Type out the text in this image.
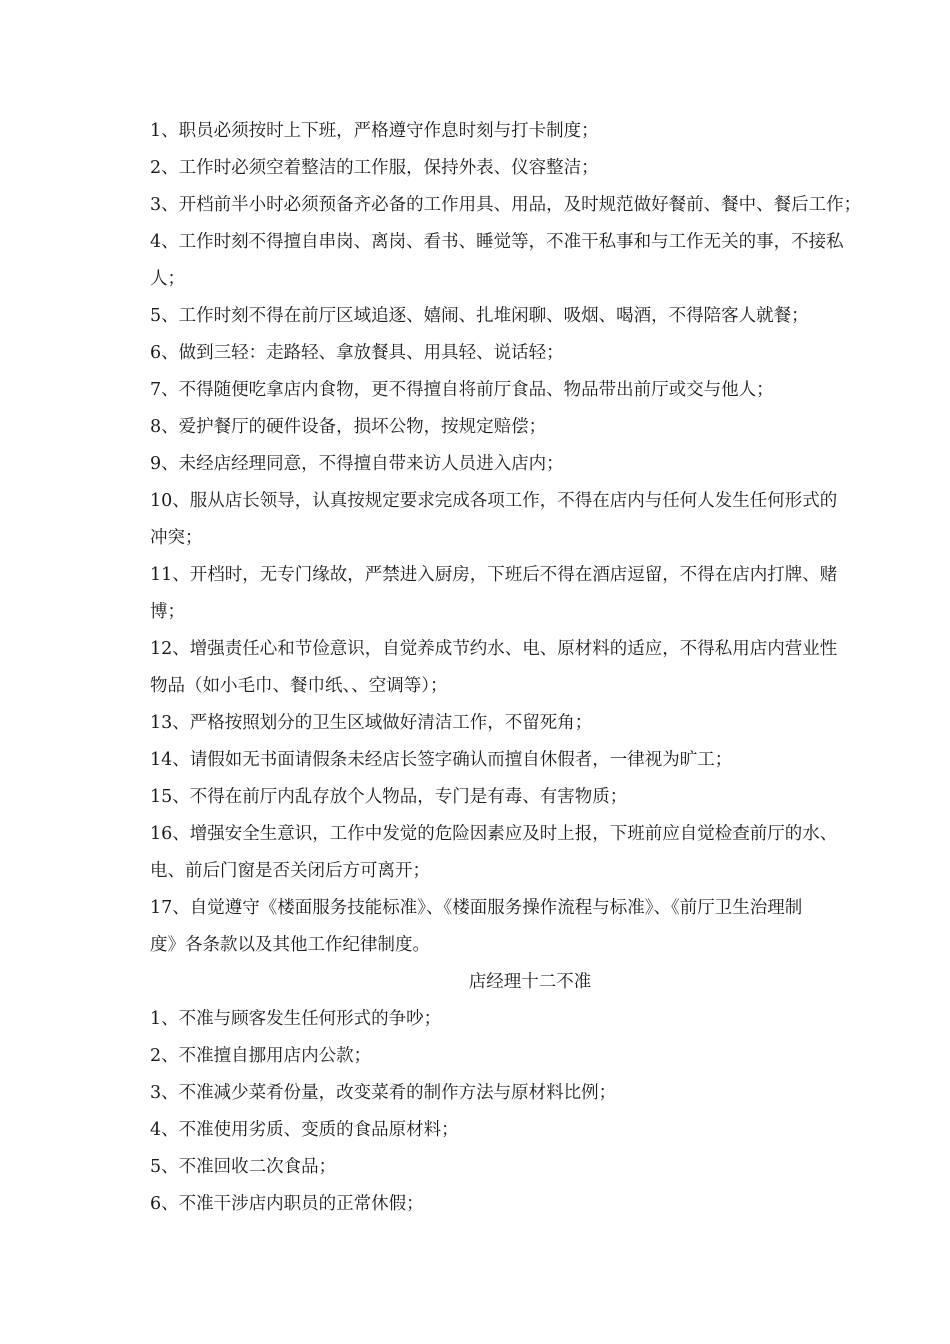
1、职员必须按时上下班，严格遵守作息时刻与打卡制度；
2、工作时必须空着整洁的工作服，保持外表、仪容整洁；
3、开档前半小时必须预备齐必备的工作用具、用品，及时规范做好餐前、餐中、餐后工作；
4、工作时刻不得擅自串岗、离岗、看书、睡觉等，不准干私事和与工作无关的事，不接私
人；
5、工作时刻不得在前厅区域追逐、嬉闹、扎堆闲聊、吸烟、喝酒，不得陪客人就餐；
6、做到三轻：走路轻、拿放餐具、用具轻、说话轻；
7、不得随便吃拿店内食物，更不得擅自将前厅食品、物品带出前厅或交与他人；
8、爱护餐厅的硬件设备，损坏公物，按规定赔偿；
9、未经店经理同意，不得擅自带来访人员进入店内；
10、服从店长领导，认真按规定要求完成各项工作，不得在店内与任何人发生任何形式的
冲突；
11、开档时，无专门缘故，严禁进入厨房，下班后不得在酒店逗留，不得在店内打牌、赌
博；
12、增强责任心和节俭意识，自觉养成节约水、电、原材料的适应，不得私用店内营业性
物品（如小毛巾、餐巾纸、、空调等）；
13、严格按照划分的卫生区域做好清洁工作，不留死角；
14、请假如无书面请假条未经店长签字确认而擅自休假者，一律视为旷工；
15、不得在前厅内乱存放个人物品，专门是有毒、有害物质；
16、增强安全生意识，工作中发觉的危险因素应及时上报，下班前应自觉检查前厅的水、
电、前后门窗是否关闭后方可离开；
17、自觉遵守《楼面服务技能标准》、《楼面服务操作流程与标准》、《前厅卫生治理制
度》各条款以及其他工作纪律制度。
店经理十二不准
1、不准与顾客发生任何形式的争吵；
2、不准擅自挪用店内公款；
3、不准减少菜肴份量，改变菜肴的制作方法与原材料比例；
4、不准使用劣质、变质的食品原材料；
5、不准回收二次食品；
6、不准干涉店内职员的正常休假；
